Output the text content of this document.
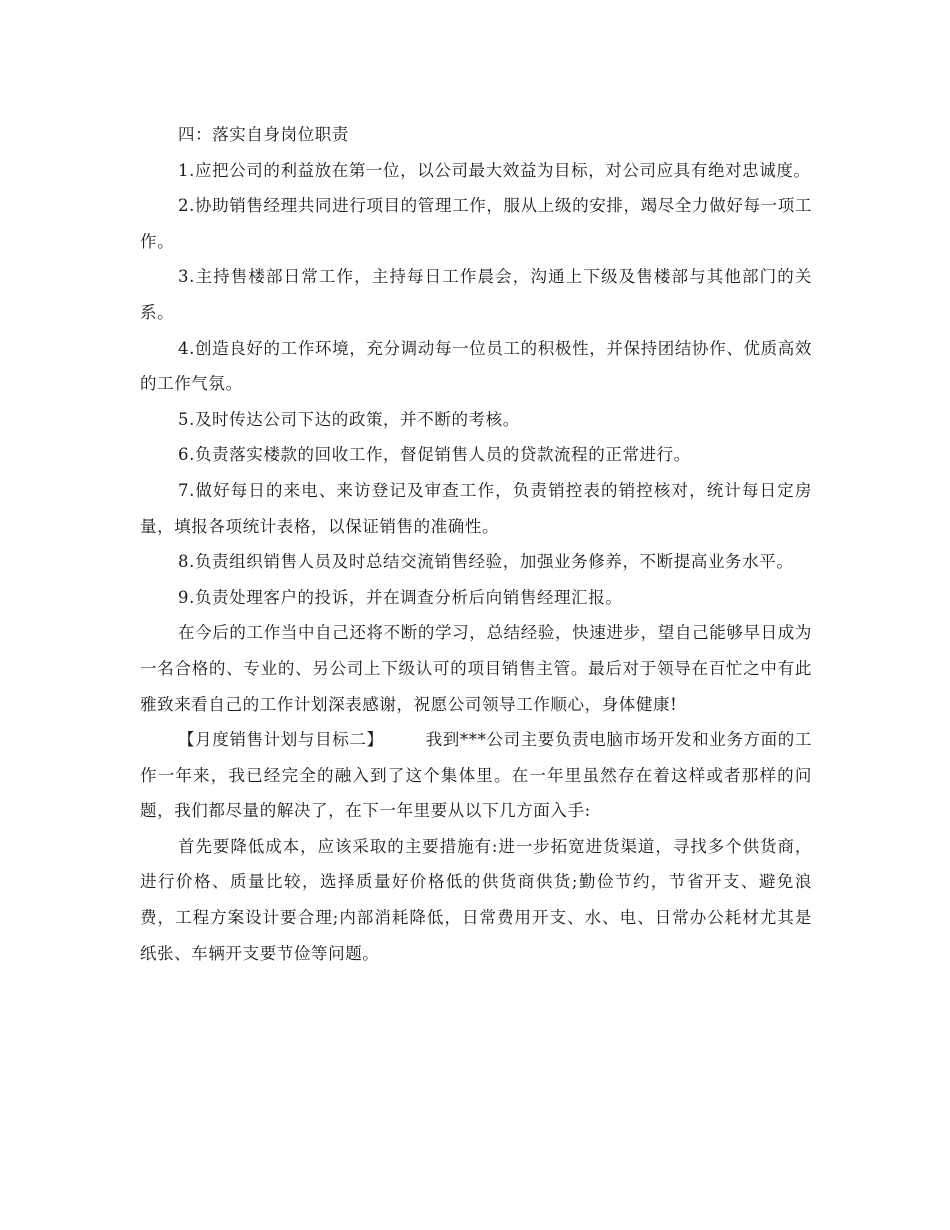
四：落实自身岗位职责

1.应把公司的利益放在第一位，以公司最大效益为目标，对公司应具有绝对忠诚度。

2.协助销售经理共同进行项目的管理工作，服从上级的安排，竭尽全力做好每一项工作。

3.主持售楼部日常工作，主持每日工作晨会，沟通上下级及售楼部与其他部门的关系。

4.创造良好的工作环境，充分调动每一位员工的积极性，并保持团结协作、优质高效的工作气氛。

5.及时传达公司下达的政策，并不断的考核。

6.负责落实楼款的回收工作，督促销售人员的贷款流程的正常进行。

7.做好每日的来电、来访登记及审查工作，负责销控表的销控核对，统计每日定房量，填报各项统计表格，以保证销售的准确性。

8.负责组织销售人员及时总结交流销售经验，加强业务修养，不断提高业务水平。

9.负责处理客户的投诉，并在调查分析后向销售经理汇报。

在今后的工作当中自己还将不断的学习，总结经验，快速进步，望自己能够早日成为一名合格的、专业的、另公司上下级认可的项目销售主管。最后对于领导在百忙之中有此雅致来看自己的工作计划深表感谢，祝愿公司领导工作顺心，身体健康!

【月度销售计划与目标二】	我到***公司主要负责电脑市场开发和业务方面的工作一年来，我已经完全的融入到了这个集体里。在一年里虽然存在着这样或者那样的问题，我们都尽量的解决了，在下一年里要从以下几方面入手:

首先要降低成本，应该采取的主要措施有:进一步拓宽进货渠道，寻找多个供货商，进行价格、质量比较，选择质量好价格低的供货商供货;勤俭节约，节省开支、避免浪费，工程方案设计要合理;内部消耗降低，日常费用开支、水、电、日常办公耗材尤其是纸张、车辆开支要节俭等问题。
